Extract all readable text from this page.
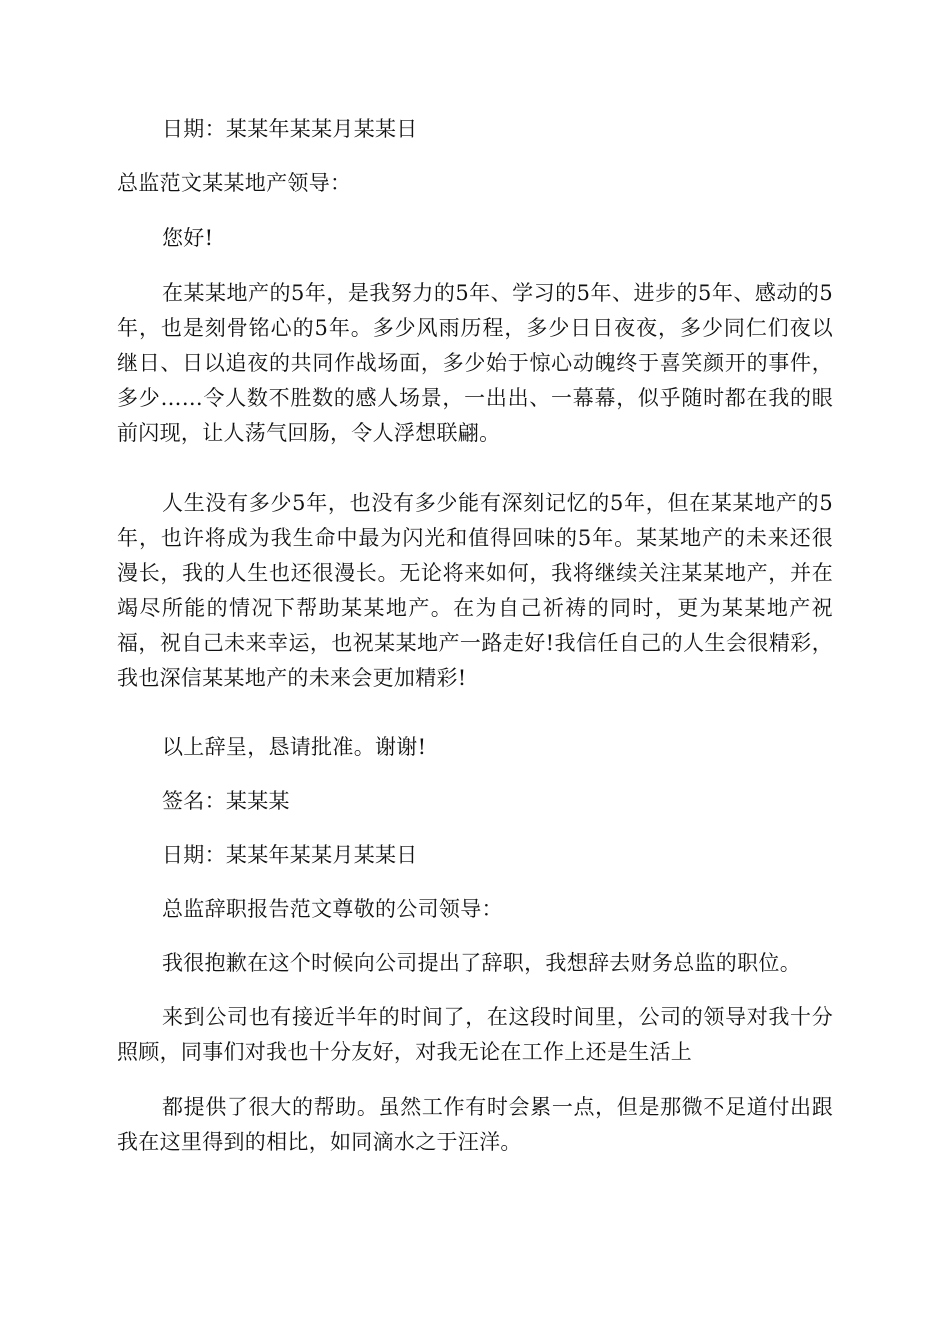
日期：某某年某某月某某日

总监范文某某地产领导：

您好!

在某某地产的5年，是我努力的5年、学习的5年、进步的5年、感动的5年，也是刻骨铭心的5年。多少风雨历程，多少日日夜夜，多少同仁们夜以继日、日以追夜的共同作战场面，多少始于惊心动魄终于喜笑颜开的事件，多少……令人数不胜数的感人场景，一出出、一幕幕，似乎随时都在我的眼前闪现，让人荡气回肠，令人浮想联翩。

人生没有多少5年，也没有多少能有深刻记忆的5年，但在某某地产的5年，也许将成为我生命中最为闪光和值得回味的5年。某某地产的未来还很漫长，我的人生也还很漫长。无论将来如何，我将继续关注某某地产，并在竭尽所能的情况下帮助某某地产。在为自己祈祷的同时，更为某某地产祝福，祝自己未来幸运，也祝某某地产一路走好!我信任自己的人生会很精彩，我也深信某某地产的未来会更加精彩!

以上辞呈，恳请批准。谢谢!

签名：某某某

日期：某某年某某月某某日

总监辞职报告范文尊敬的公司领导：

我很抱歉在这个时候向公司提出了辞职，我想辞去财务总监的职位。

来到公司也有接近半年的时间了，在这段时间里，公司的领导对我十分照顾，同事们对我也十分友好，对我无论在工作上还是生活上

都提供了很大的帮助。虽然工作有时会累一点，但是那微不足道付出跟我在这里得到的相比，如同滴水之于汪洋。
